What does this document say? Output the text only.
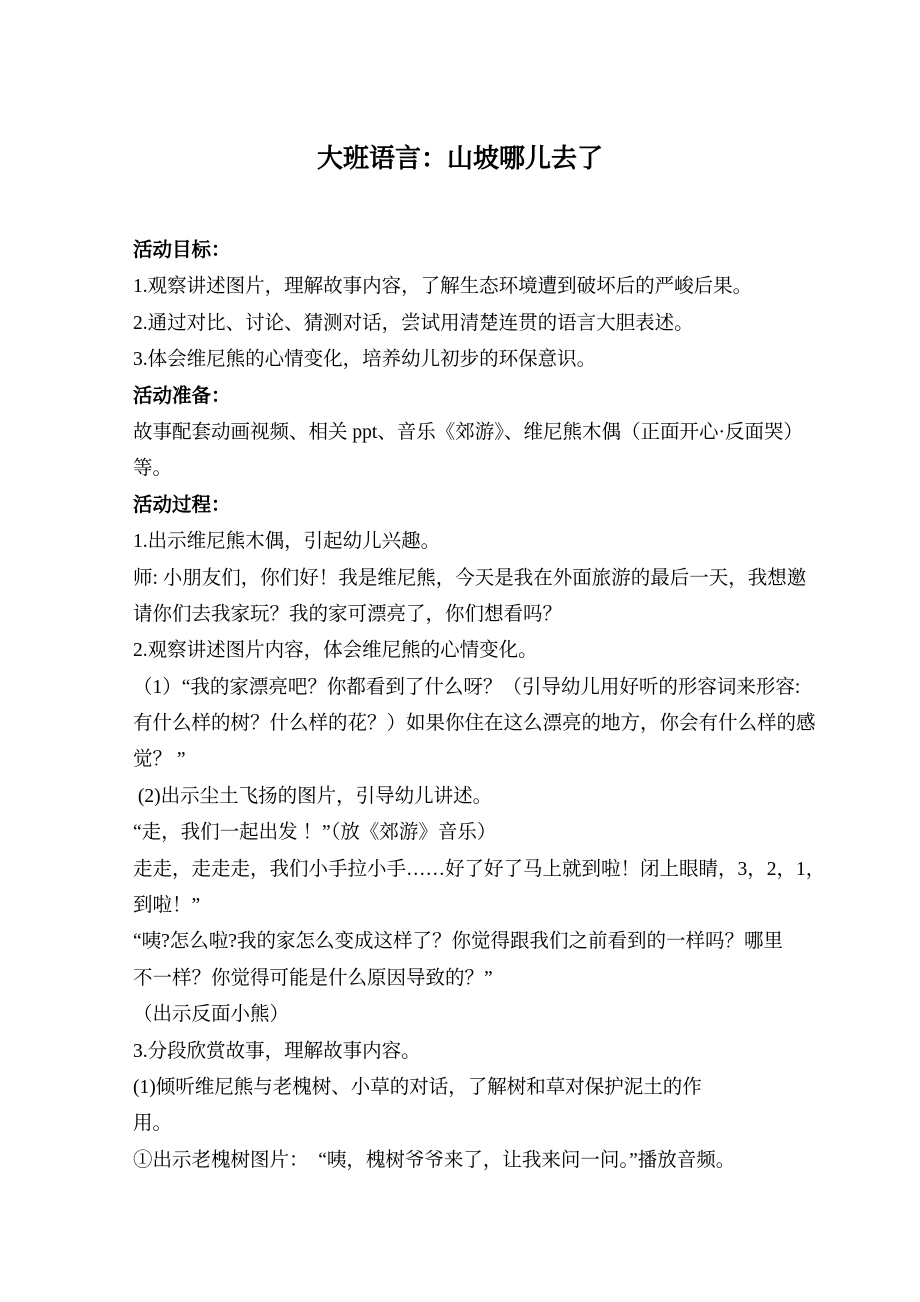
大班语言：山坡哪儿去了
活动目标：
1.观察讲述图片，理解故事内容，了解生态环境遭到破坏后的严峻后果。
2.通过对比、讨论、猜测对话，尝试用清楚连贯的语言大胆表述。
3.体会维尼熊的心情变化，培养幼儿初步的环保意识。
活动准备：
故事配套动画视频、相关 ppt、音乐《郊游》、维尼熊木偶（正面开心·反面哭）
等。
活动过程：
1.出示维尼熊木偶，引起幼儿兴趣。
师: 小朋友们，你们好！我是维尼熊，今天是我在外面旅游的最后一天，我想邀
请你们去我家玩？我的家可漂亮了，你们想看吗？
2.观察讲述图片内容，体会维尼熊的心情变化。
（1）“我的家漂亮吧？你都看到了什么呀？（引导幼儿用好听的形容词来形容:
有什么样的树？什么样的花？）如果你住在这么漂亮的地方，你会有什么样的感
觉？ ”
(2)出示尘土飞扬的图片，引导幼儿讲述。
“走，我们一起出发 ！”（放《郊游》音乐）
走走，走走走，我们小手拉小手……好了好了马上就到啦！闭上眼睛，3，2，1，
到啦！”
“咦?怎么啦?我的家怎么变成这样了？你觉得跟我们之前看到的一样吗？哪里
不一样？你觉得可能是什么原因导致的？”
（出示反面小熊）
3.分段欣赏故事，理解故事内容。
(1)倾听维尼熊与老槐树、小草的对话，了解树和草对保护泥土的作
用。
①出示老槐树图片：　“咦，槐树爷爷来了，让我来问一问。”播放音频。
